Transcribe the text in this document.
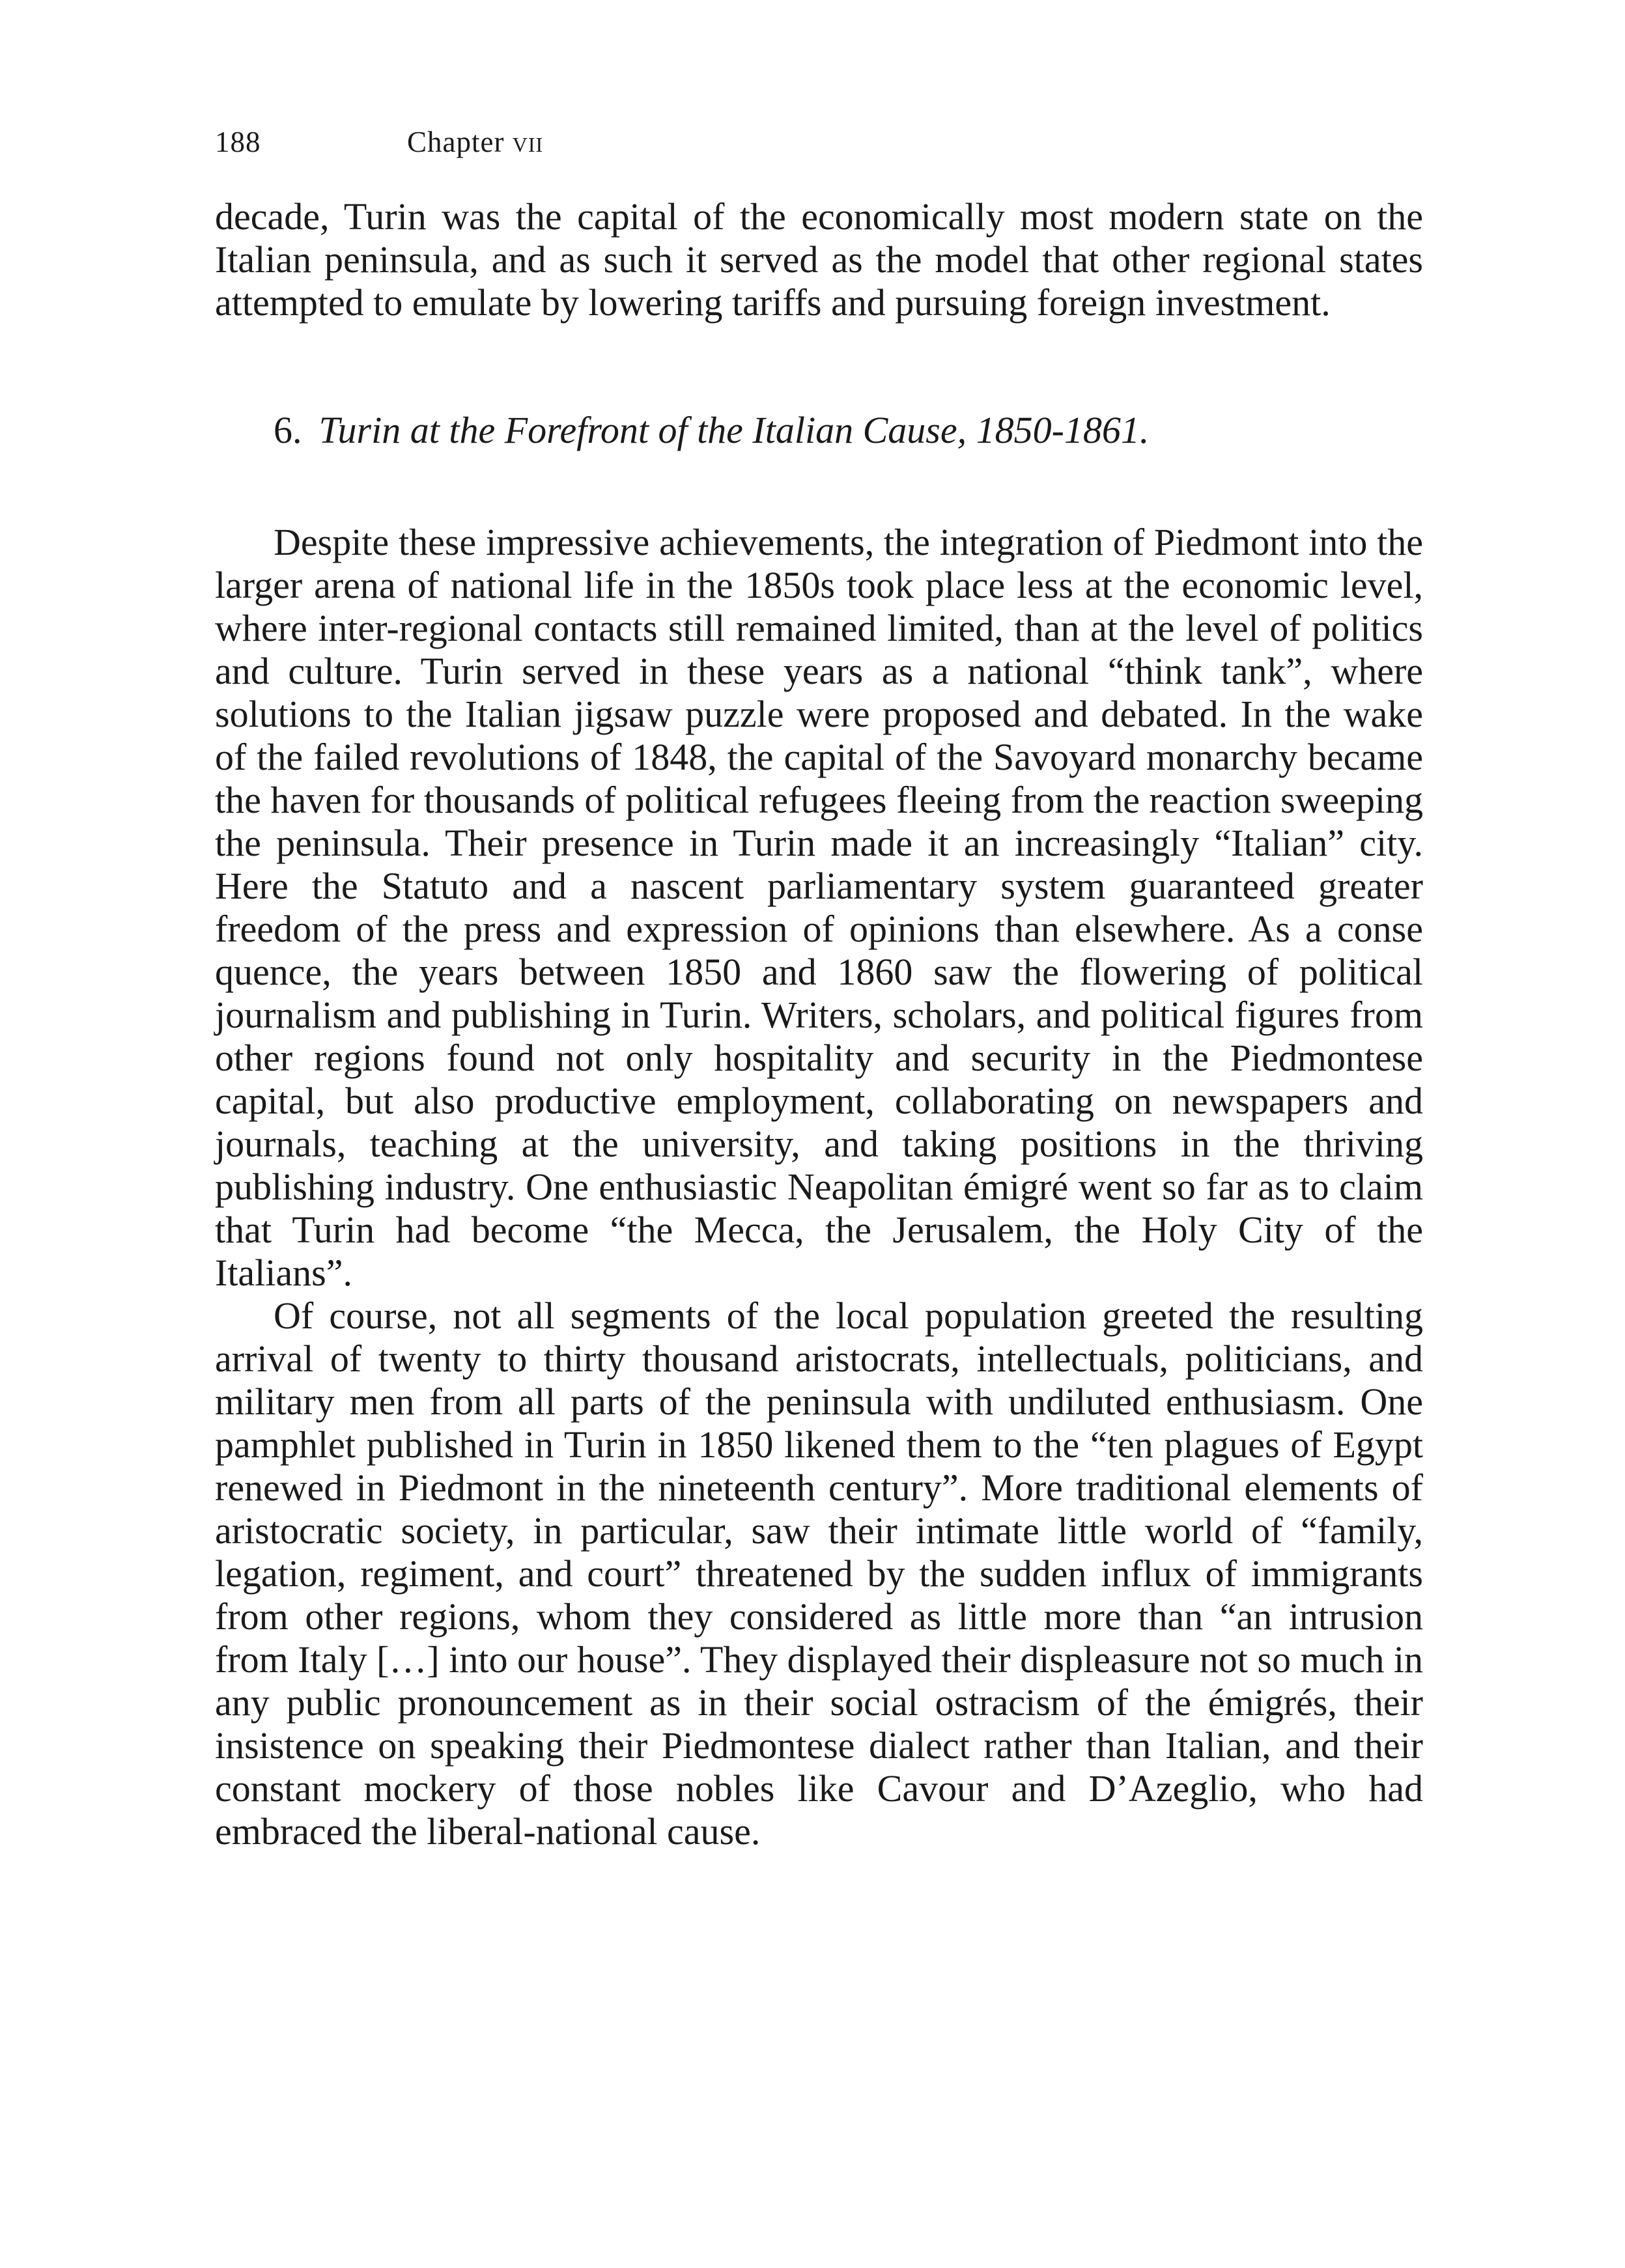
188	Chapter vii

decade, Turin was the capital of the economically most modern state on the Italian peninsula, and as such it served as the model that other regional states attempted to emulate by lowering tariffs and pursuing foreign investment.

6. Turin at the Forefront of the Italian Cause, 1850-1861.

Despite these impressive achievements, the integration of Piedmont into the larger arena of national life in the 1850s took place less at the economic level, where inter-regional contacts still remained limited, than at the level of politics and culture. Turin served in these years as a national “think tank”, where solutions to the Italian jigsaw puzzle were proposed and debated. In the wake of the failed revolutions of 1848, the capital of the Savoyard monarchy became the haven for thousands of political refugees fleeing from the reaction sweeping the peninsula. Their presence in Turin made it an increasingly “Italian” city. Here the Statuto and a nascent parliamentary system guaranteed greater freedom of the press and expression of opinions than elsewhere. As a conse quence, the years between 1850 and 1860 saw the flowering of political journalism and publishing in Turin. Writers, scholars, and political figures from other regions found not only hospitality and security in the Piedmontese capital, but also productive employment, collaborating on newspapers and journals, teaching at the university, and taking positions in the thriving publishing industry. One enthusiastic Neapolitan émigré went so far as to claim that Turin had become “the Mecca, the Jerusalem, the Holy City of the Italians”.

Of course, not all segments of the local population greeted the resulting arrival of twenty to thirty thousand aristocrats, intellectuals, politicians, and military men from all parts of the peninsula with undiluted enthusiasm. One pamphlet published in Turin in 1850 likened them to the “ten plagues of Egypt renewed in Piedmont in the nineteenth century”. More traditional elements of aristocratic society, in particular, saw their intimate little world of “family, legation, regiment, and court” threatened by the sudden influx of immigrants from other regions, whom they considered as little more than “an intrusion from Italy […] into our house”. They displayed their displeasure not so much in any public pronouncement as in their social ostracism of the émigrés, their insistence on speaking their Piedmontese dialect rather than Italian, and their constant mockery of those nobles like Cavour and D’Azeglio, who had embraced the liberal-national cause.
